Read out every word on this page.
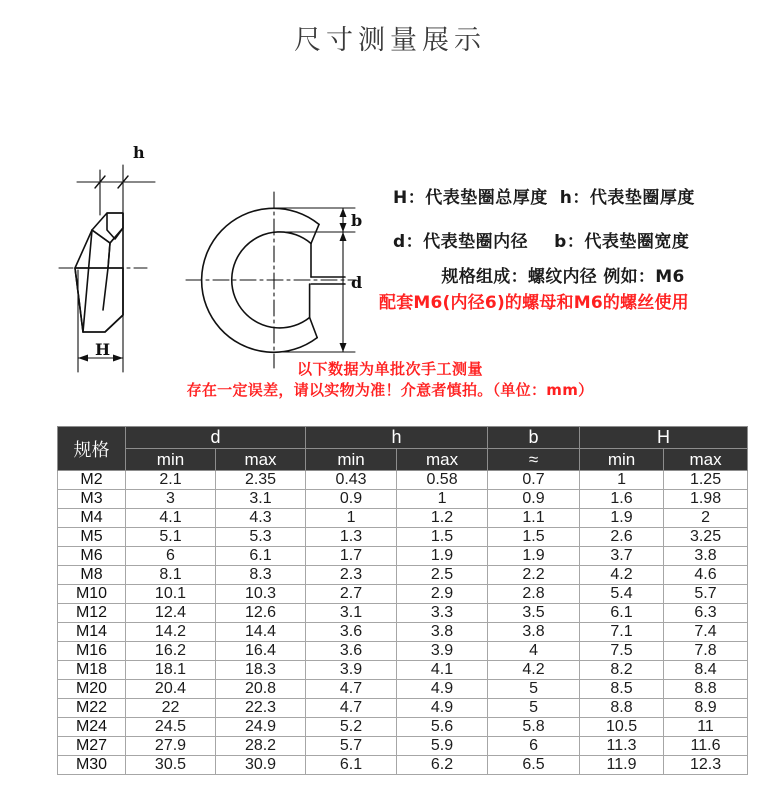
尺寸测量展示
h
H
b
d
H：代表垫圈总厚度 h：代表垫圈厚度
d：代表垫圈内径 b：代表垫圈宽度
规格组成：螺纹内径 例如：M6
配套M6(内径6)的螺母和M6的螺丝使用
以下数据为单批次手工测量
存在一定误差，请以实物为准！介意者慎拍。（单位：mm）
规格	d		h		b	H	
	min	max	min	max	≈	min	max
M2	2.1	2.35	0.43	0.58	0.7	1	1.25
M3	3	3.1	0.9	1	0.9	1.6	1.98
M4	4.1	4.3	1	1.2	1.1	1.9	2
M5	5.1	5.3	1.3	1.5	1.5	2.6	3.25
M6	6	6.1	1.7	1.9	1.9	3.7	3.8
M8	8.1	8.3	2.3	2.5	2.2	4.2	4.6
M10	10.1	10.3	2.7	2.9	2.8	5.4	5.7
M12	12.4	12.6	3.1	3.3	3.5	6.1	6.3
M14	14.2	14.4	3.6	3.8	3.8	7.1	7.4
M16	16.2	16.4	3.6	3.9	4	7.5	7.8
M18	18.1	18.3	3.9	4.1	4.2	8.2	8.4
M20	20.4	20.8	4.7	4.9	5	8.5	8.8
M22	22	22.3	4.7	4.9	5	8.8	8.9
M24	24.5	24.9	5.2	5.6	5.8	10.5	11
M27	27.9	28.2	5.7	5.9	6	11.3	11.6
M30	30.5	30.9	6.1	6.2	6.5	11.9	12.3
